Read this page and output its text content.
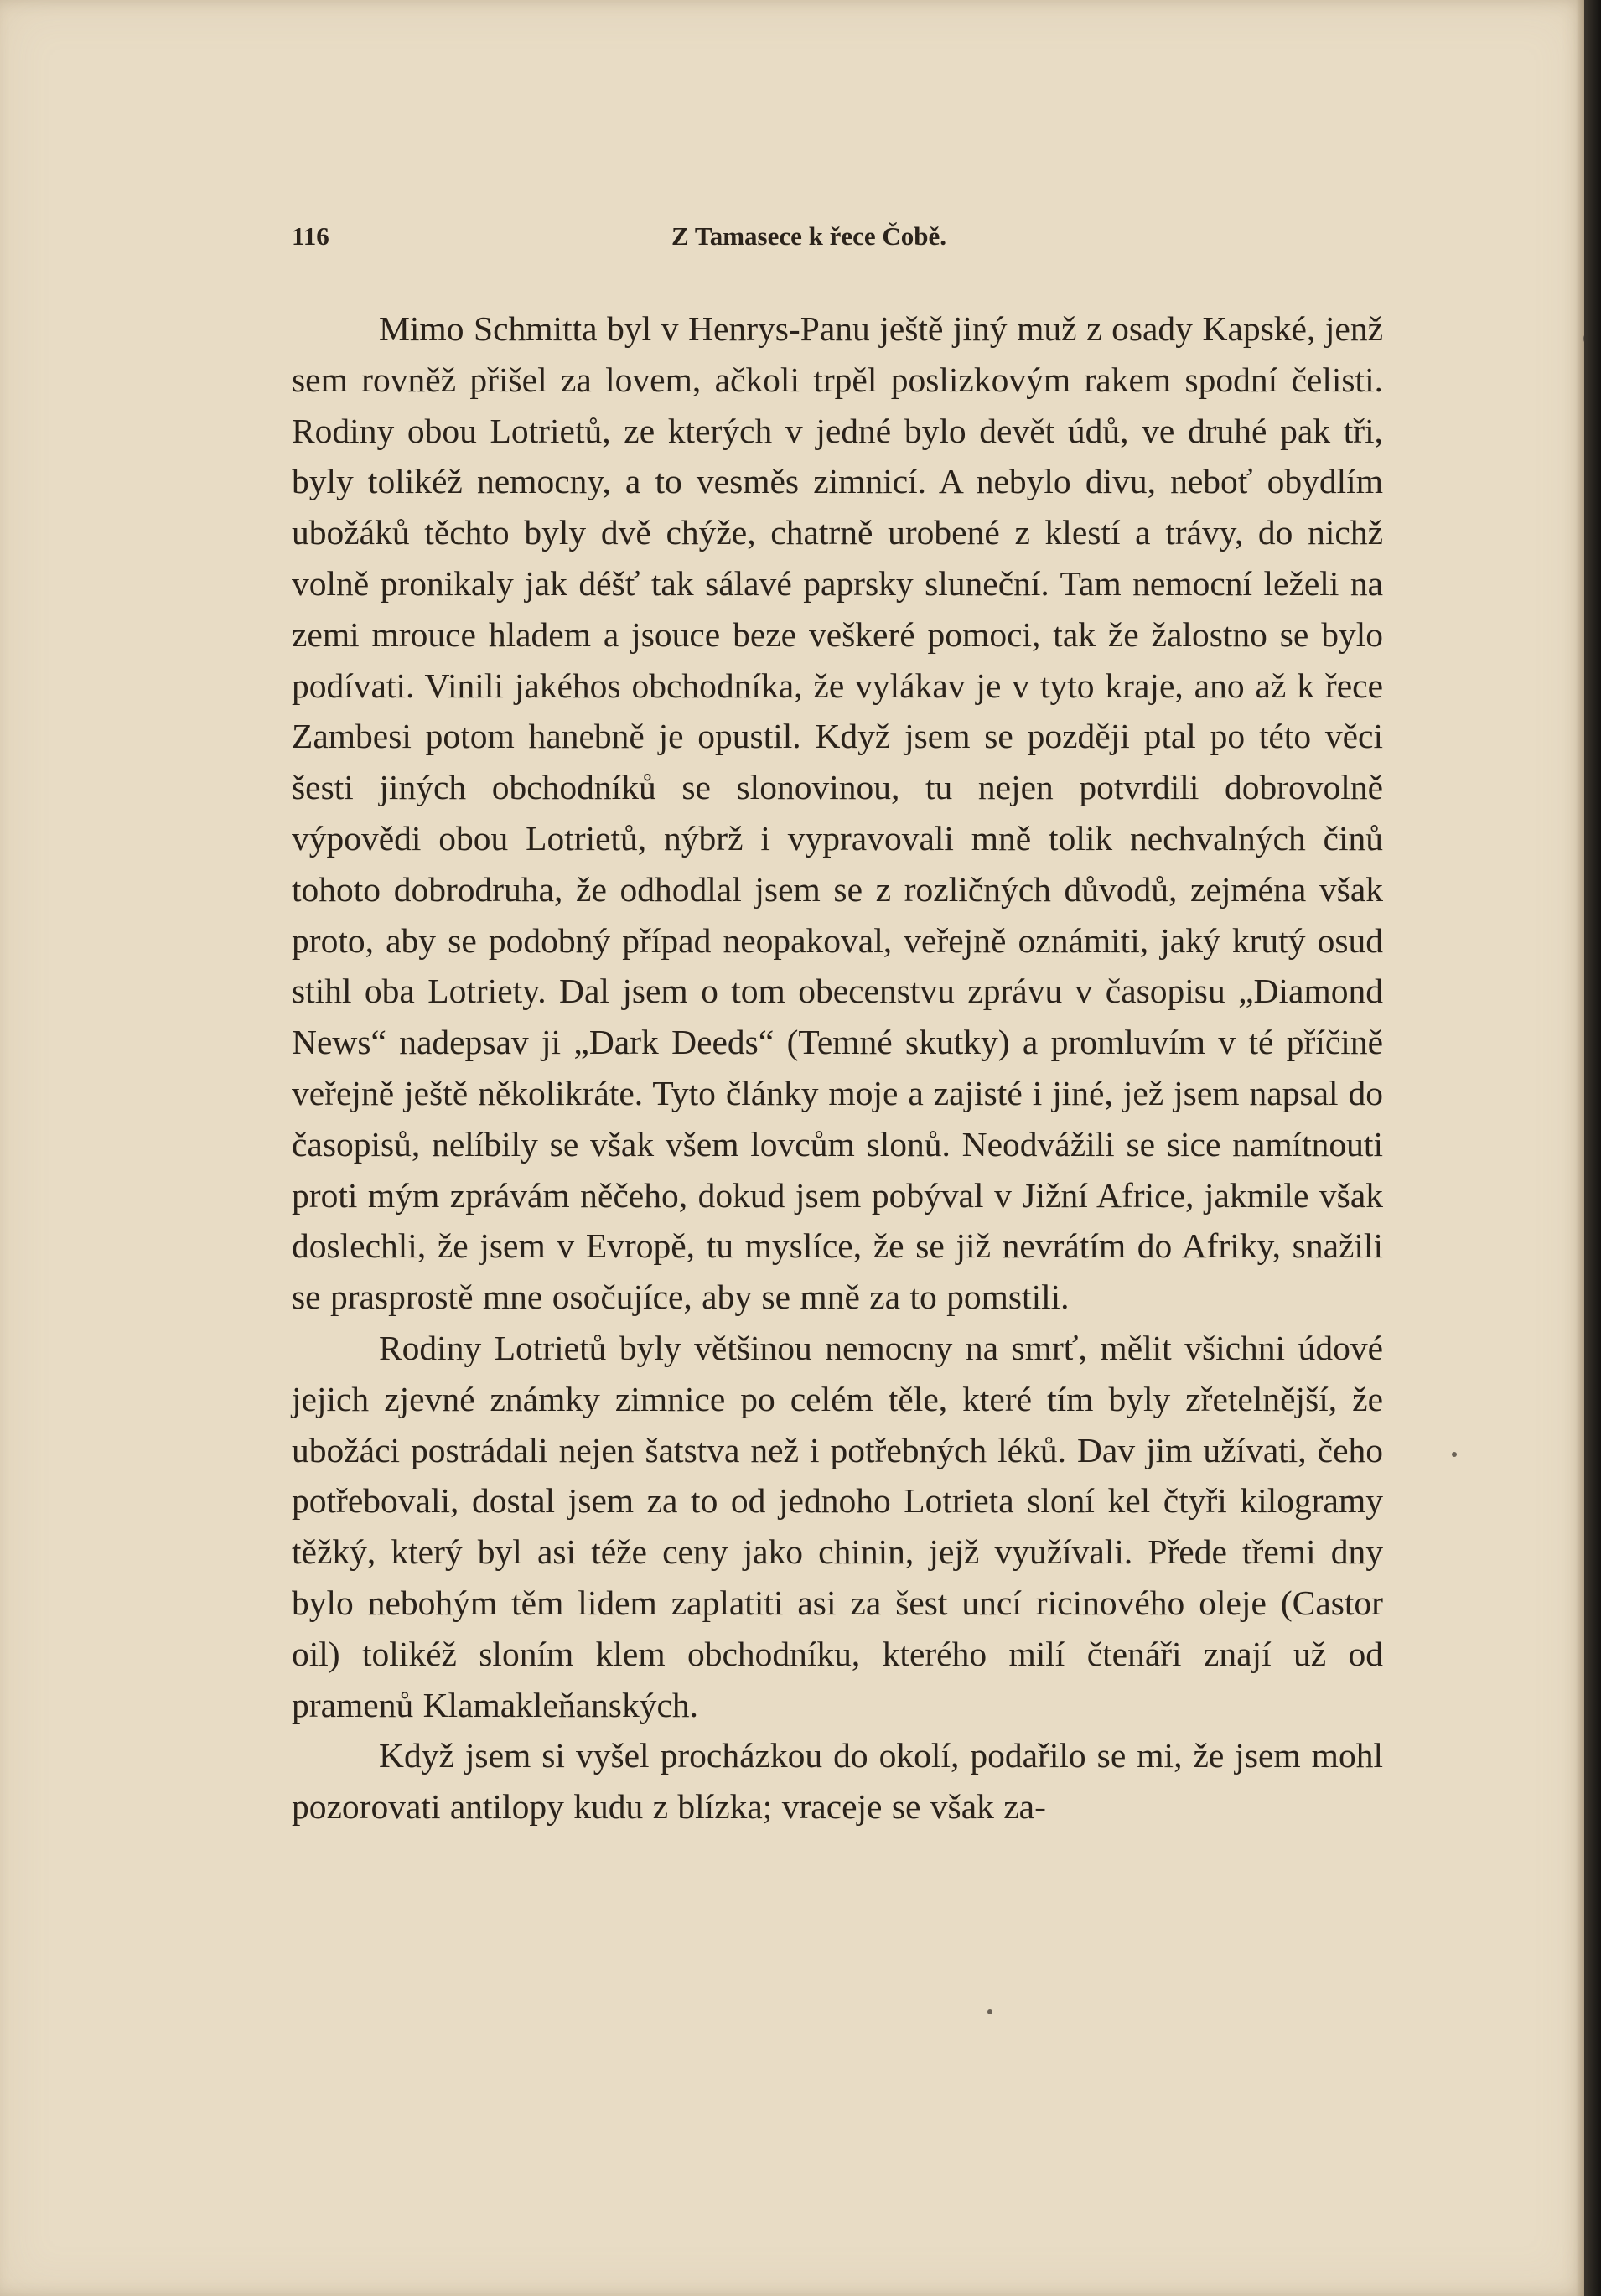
116	Z Tamasece k řece Čobě.

Mimo Schmitta byl v Henrys-Panu ještě jiný muž z osady Kapské, jenž sem rovněž přišel za lovem, ačkoli trpěl poslizkovým rakem spodní čelisti. Rodiny obou Lotrietů, ze kterých v jedné bylo devět údů, ve druhé pak tři, byly tolikéž nemocny, a to vesměs zimnicí. A nebylo divu, neboť obydlím ubožáků těchto byly dvě chýže, chatrně urobené z klestí a trávy, do nichž volně pronikaly jak déšť tak sálavé paprsky sluneční. Tam nemocní leželi na zemi mrouce hladem a jsouce beze veškeré pomoci, tak že žalostno se bylo podívati. Vinili jakéhos obchodníka, že vylákav je v tyto kraje, ano až k řece Zambesi potom hanebně je opustil. Když jsem se později ptal po této věci šesti jiných obchodníků se slonovinou, tu nejen potvrdili dobrovolně výpovědi obou Lotrietů, nýbrž i vypravovali mně tolik nechvalných činů tohoto dobrodruha, že odhodlal jsem se z rozličných důvodů, zejména však proto, aby se podobný případ neopakoval, veřejně oznámiti, jaký krutý osud stihl oba Lotriety. Dal jsem o tom obecenstvu zprávu v časopisu „Diamond News“ nadepsav ji „Dark Deeds“ (Temné skutky) a promluvím v té příčině veřejně ještě několikráte. Tyto články moje a zajisté i jiné, jež jsem napsal do časopisů, nelíbily se však všem lovcům slonů. Neodvážili se sice namítnouti proti mým zprávám něčeho, dokud jsem pobýval v Jižní Africe, jakmile však doslechli, že jsem v Evropě, tu myslíce, že se již nevrátím do Afriky, snažili se prasprostě mne osočujíce, aby se mně za to pomstili.

Rodiny Lotrietů byly většinou nemocny na smrť, mělit všichni údové jejich zjevné známky zimnice po celém těle, které tím byly zřetelnější, že ubožáci postrádali nejen šatstva než i potřebných léků. Dav jim užívati, čeho potřebovali, dostal jsem za to od jednoho Lotrieta sloní kel čtyři kilogramy těžký, který byl asi téže ceny jako chinin, jejž využívali. Přede třemi dny bylo nebohým těm lidem zaplatiti asi za šest uncí ricinového oleje (Castor oil) tolikéž sloním klem obchodníku, kterého milí čtenáři znají už od pramenů Klamakleňanských.

Když jsem si vyšel procházkou do okolí, podařilo se mi, že jsem mohl pozorovati antilopy kudu z blízka; vraceje se však za-
